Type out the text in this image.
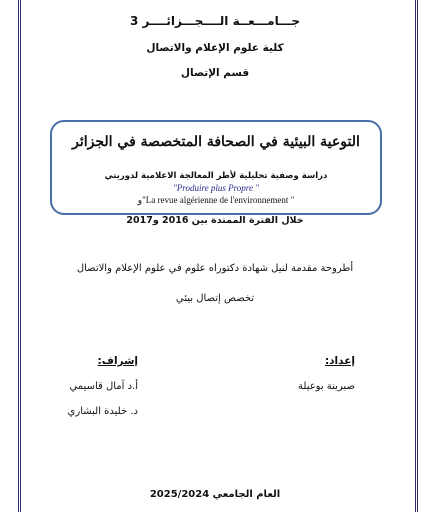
جـــامـــعــة الــــجـــزائــــر 3
كلية علوم الإعلام والاتصال
قسم الإتصال
التوعية البيئية في الصحافة المتخصصة في الجزائر
دراسة وصفية تحليلية لأطر المعالجة الاعلامية لدوريتي
"Produire plus Propre "
و"La revue algérienne de l'environnement "
خلال الفترة الممتدة بين 2016 و2017
أطروحة مقدمة لنيل شهادة دكتوراه علوم في علوم الإعلام والاتصال
تخصص إتصال بيئي
إعداد:
إشراف:
صبرينة بوعيلة
أ.د آمال قاسيمي
د. خليدة البشاري
العام الجامعي 2025/2024
